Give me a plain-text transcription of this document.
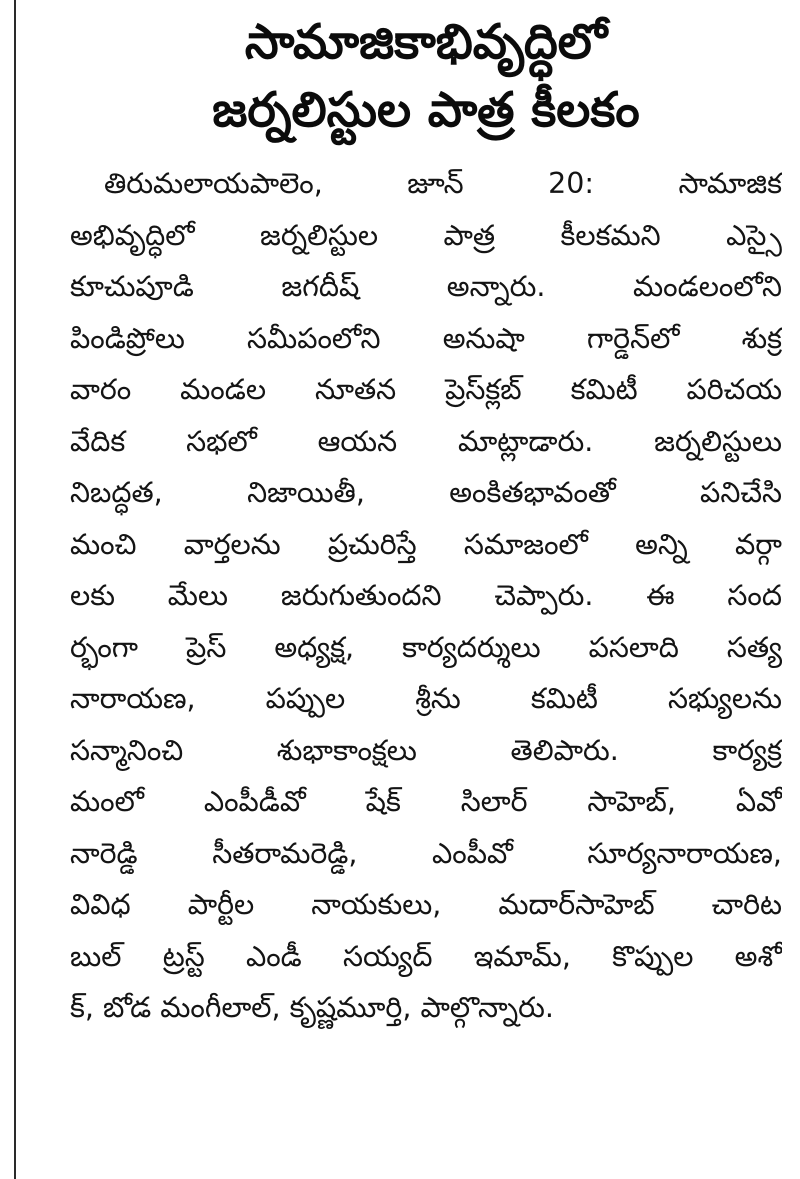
సామాజికాభివృద్ధిలో
జర్నలిస్టుల పాత్ర కీలకం
తిరుమలాయపాలెం, జూన్ 20: సామాజిక
అభివృద్ధిలో జర్నలిస్టుల పాత్ర కీలకమని ఎస్సై
కూచుపూడి జగదీష్ అన్నారు. మండలంలోని
పిండిప్రోలు సమీపంలోని అనుషా గార్డెన్‌లో శుక్ర
వారం మండల నూతన ప్రెస్‌క్లబ్ కమిటీ పరిచయ
వేదిక సభలో ఆయన మాట్లాడారు. జర్నలిస్టులు
నిబద్ధత, నిజాయితీ, అంకితభావంతో పనిచేసి
మంచి వార్తలను ప్రచురిస్తే సమాజంలో అన్ని వర్గా
లకు మేలు జరుగుతుందని చెప్పారు. ఈ సంద
ర్భంగా ప్రెస్ అధ్యక్ష, కార్యదర్శులు పసలాది సత్య
నారాయణ, పప్పుల శ్రీను కమిటీ సభ్యులను
సన్మానించి శుభాకాంక్షలు తెలిపారు. కార్యక్ర
మంలో ఎంపీడీవో షేక్ సిలార్ సాహెబ్, ఏవో
నారెడ్డి సీతరామరెడ్డి, ఎంపీవో సూర్యనారాయణ,
వివిధ పార్టీల నాయకులు, మదార్‌సాహెబ్ చారిట
బుల్ ట్రస్ట్ ఎండీ సయ్యద్ ఇమామ్, కొప్పుల అశో
క్, బోడ మంగీలాల్, కృష్ణమూర్తి, పాల్గొన్నారు.
